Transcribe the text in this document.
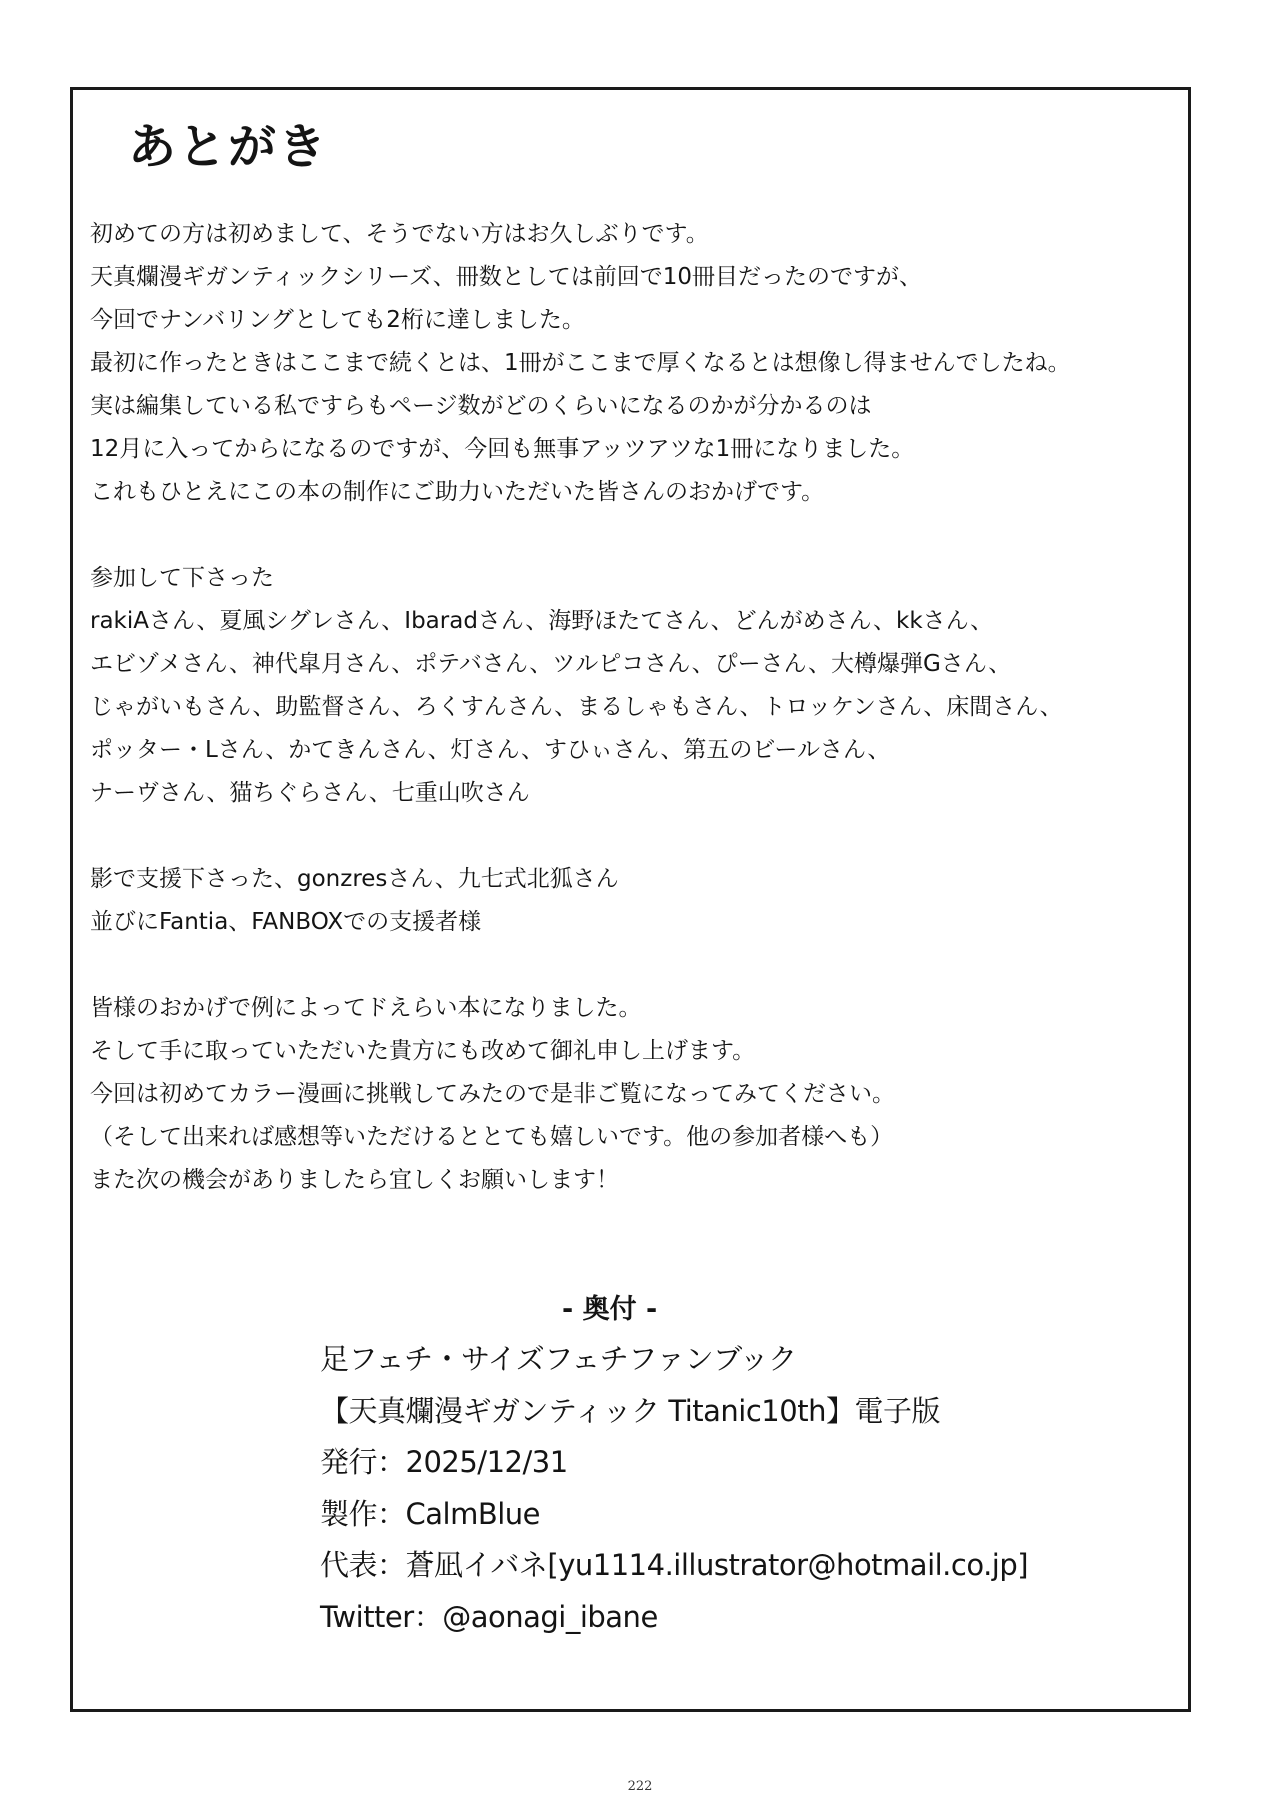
あとがき
初めての方は初めまして、そうでない方はお久しぶりです。
天真爛漫ギガンティックシリーズ、冊数としては前回で10冊目だったのですが、
今回でナンバリングとしても2桁に達しました。
最初に作ったときはここまで続くとは、1冊がここまで厚くなるとは想像し得ませんでしたね。
実は編集している私ですらもページ数がどのくらいになるのかが分かるのは
12月に入ってからになるのですが、今回も無事アッツアツな1冊になりました。
これもひとえにこの本の制作にご助力いただいた皆さんのおかげです。
参加して下さった
rakiAさん、夏風シグレさん、Ibaradさん、海野ほたてさん、どんがめさん、kkさん、
エビゾメさん、神代皐月さん、ポテバさん、ツルピコさん、ぴーさん、大樽爆弾Gさん、
じゃがいもさん、助監督さん、ろくすんさん、まるしゃもさん、トロッケンさん、床間さん、
ポッター・Lさん、かてきんさん、灯さん、すひぃさん、第五のビールさん、
ナーヴさん、猫ちぐらさん、七重山吹さん
影で支援下さった、gonzresさん、九七式北狐さん
並びにFantia、FANBOXでの支援者様
皆様のおかげで例によってドえらい本になりました。
そして手に取っていただいた貴方にも改めて御礼申し上げます。
今回は初めてカラー漫画に挑戦してみたので是非ご覧になってみてください。
（そして出来れば感想等いただけるととても嬉しいです。他の参加者様へも）
また次の機会がありましたら宜しくお願いします！
- 奥付 -
足フェチ・サイズフェチファンブック
【天真爛漫ギガンティック Titanic10th】電子版
発行：2025/12/31
製作：CalmBlue
代表：蒼凪イバネ[yu1114.illustrator@hotmail.co.jp]
Twitter：@aonagi_ibane
222
